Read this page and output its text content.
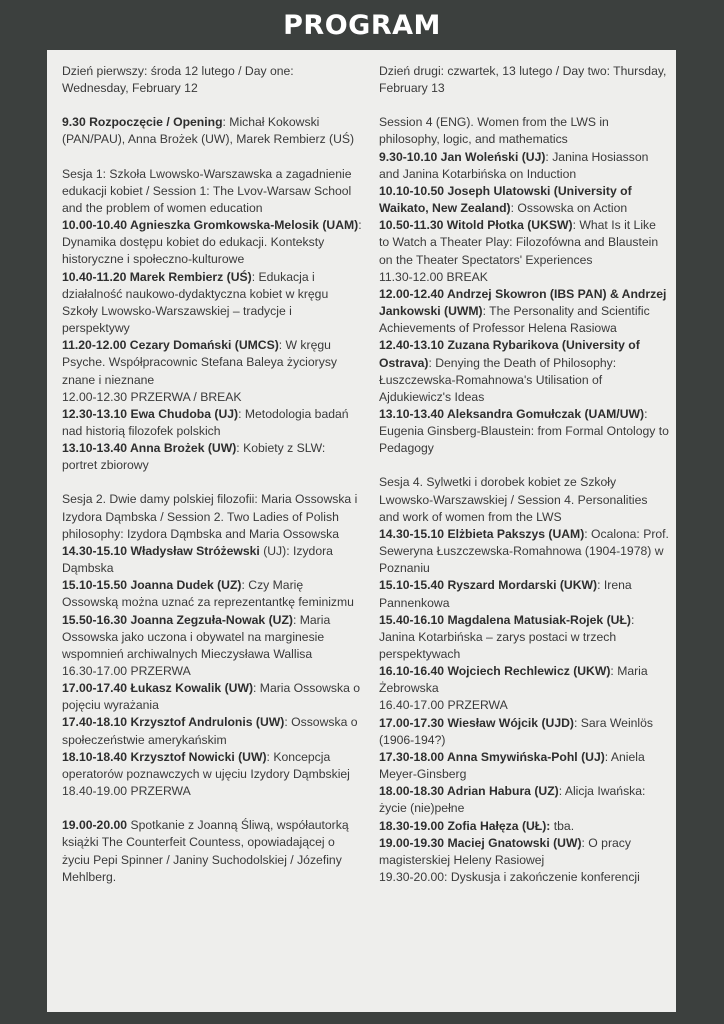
PROGRAM

Dzień pierwszy: środa 12 lutego / Day one: Wednesday, February 12

9.30 Rozpoczęcie / Opening: Michał Kokowski (PAN/PAU), Anna Brożek (UW), Marek Rembierz (UŚ)

Sesja 1: Szkoła Lwowsko-Warszawska a zagadnienie edukacji kobiet / Session 1: The Lvov-Warsaw School and the problem of women education

10.00-10.40 Agnieszka Gromkowska-Melosik (UAM): Dynamika dostępu kobiet do edukacji. Konteksty historyczne i społeczno-kulturowe

10.40-11.20 Marek Rembierz (UŚ): Edukacja i działalność naukowo-dydaktyczna kobiet w kręgu Szkoły Lwowsko-Warszawskiej – tradycje i perspektywy

11.20-12.00 Cezary Domański (UMCS): W kręgu Psyche. Współpracownic Stefana Baleya życiorysy znane i nieznane

12.00-12.30 PRZERWA / BREAK

12.30-13.10 Ewa Chudoba (UJ): Metodologia badań nad historią filozofek polskich

13.10-13.40 Anna Brożek (UW): Kobiety z SLW: portret zbiorowy

Sesja 2. Dwie damy polskiej filozofii: Maria Ossowska i Izydora Dąmbska / Session 2. Two Ladies of Polish philosophy: Izydora Dąmbska and Maria Ossowska

14.30-15.10 Władysław Stróżewski (UJ): Izydora Dąmbska

15.10-15.50 Joanna Dudek (UZ): Czy Marię Ossowską można uznać za reprezentantkę feminizmu

15.50-16.30 Joanna Zegzuła-Nowak (UZ): Maria Ossowska jako uczona i obywatel na marginesie wspomnień archiwalnych Mieczysława Wallisa

16.30-17.00 PRZERWA

17.00-17.40 Łukasz Kowalik (UW): Maria Ossowska o pojęciu wyrażania

17.40-18.10 Krzysztof Andrulonis (UW): Ossowska o społeczeństwie amerykańskim

18.10-18.40 Krzysztof Nowicki (UW): Koncepcja operatorów poznawczych w ujęciu Izydory Dąmbskiej

18.40-19.00 PRZERWA

19.00-20.00 Spotkanie z Joanną Śliwą, współautorką książki The Counterfeit Countess, opowiadającej o życiu Pepi Spinner / Janiny Suchodolskiej / Józefiny Mehlberg.

Dzień drugi: czwartek, 13 lutego / Day two: Thursday, February 13

Session 4 (ENG). Women from the LWS in philosophy, logic, and mathematics

9.30-10.10 Jan Woleński (UJ): Janina Hosiasson and Janina Kotarbińska on Induction

10.10-10.50 Joseph Ulatowski (University of Waikato, New Zealand): Ossowska on Action

10.50-11.30 Witold Płotka (UKSW): What Is it Like to Watch a Theater Play: Filozofówna and Blaustein on the Theater Spectators' Experiences

11.30-12.00 BREAK

12.00-12.40 Andrzej Skowron (IBS PAN) & Andrzej Jankowski (UWM): The Personality and Scientific Achievements of Professor Helena Rasiowa

12.40-13.10 Zuzana Rybarikova (University of Ostrava): Denying the Death of Philosophy: Łuszczewska-Romahnowa's Utilisation of Ajdukiewicz's Ideas

13.10-13.40 Aleksandra Gomułczak (UAM/UW): Eugenia Ginsberg-Blaustein: from Formal Ontology to Pedagogy

Sesja 4. Sylwetki i dorobek kobiet ze Szkoły Lwowsko-Warszawskiej / Session 4. Personalities and work of women from the LWS

14.30-15.10 Elżbieta Pakszys (UAM): Ocalona: Prof. Seweryna Łuszczewska-Romahnowa (1904-1978) w Poznaniu

15.10-15.40 Ryszard Mordarski (UKW): Irena Pannenkowa

15.40-16.10 Magdalena Matusiak-Rojek (UŁ): Janina Kotarbińska – zarys postaci w trzech perspektywach

16.10-16.40 Wojciech Rechlewicz (UKW): Maria Żebrowska

16.40-17.00 PRZERWA

17.00-17.30 Wiesław Wójcik (UJD): Sara Weinlös (1906-194?)

17.30-18.00 Anna Smywińska-Pohl (UJ): Aniela Meyer-Ginsberg

18.00-18.30 Adrian Habura (UZ): Alicja Iwańska: życie (nie)pełne

18.30-19.00 Zofia Hałęza (UŁ): tba.

19.00-19.30 Maciej Gnatowski (UW): O pracy magisterskiej Heleny Rasiowej

19.30-20.00: Dyskusja i zakończenie konferencji
